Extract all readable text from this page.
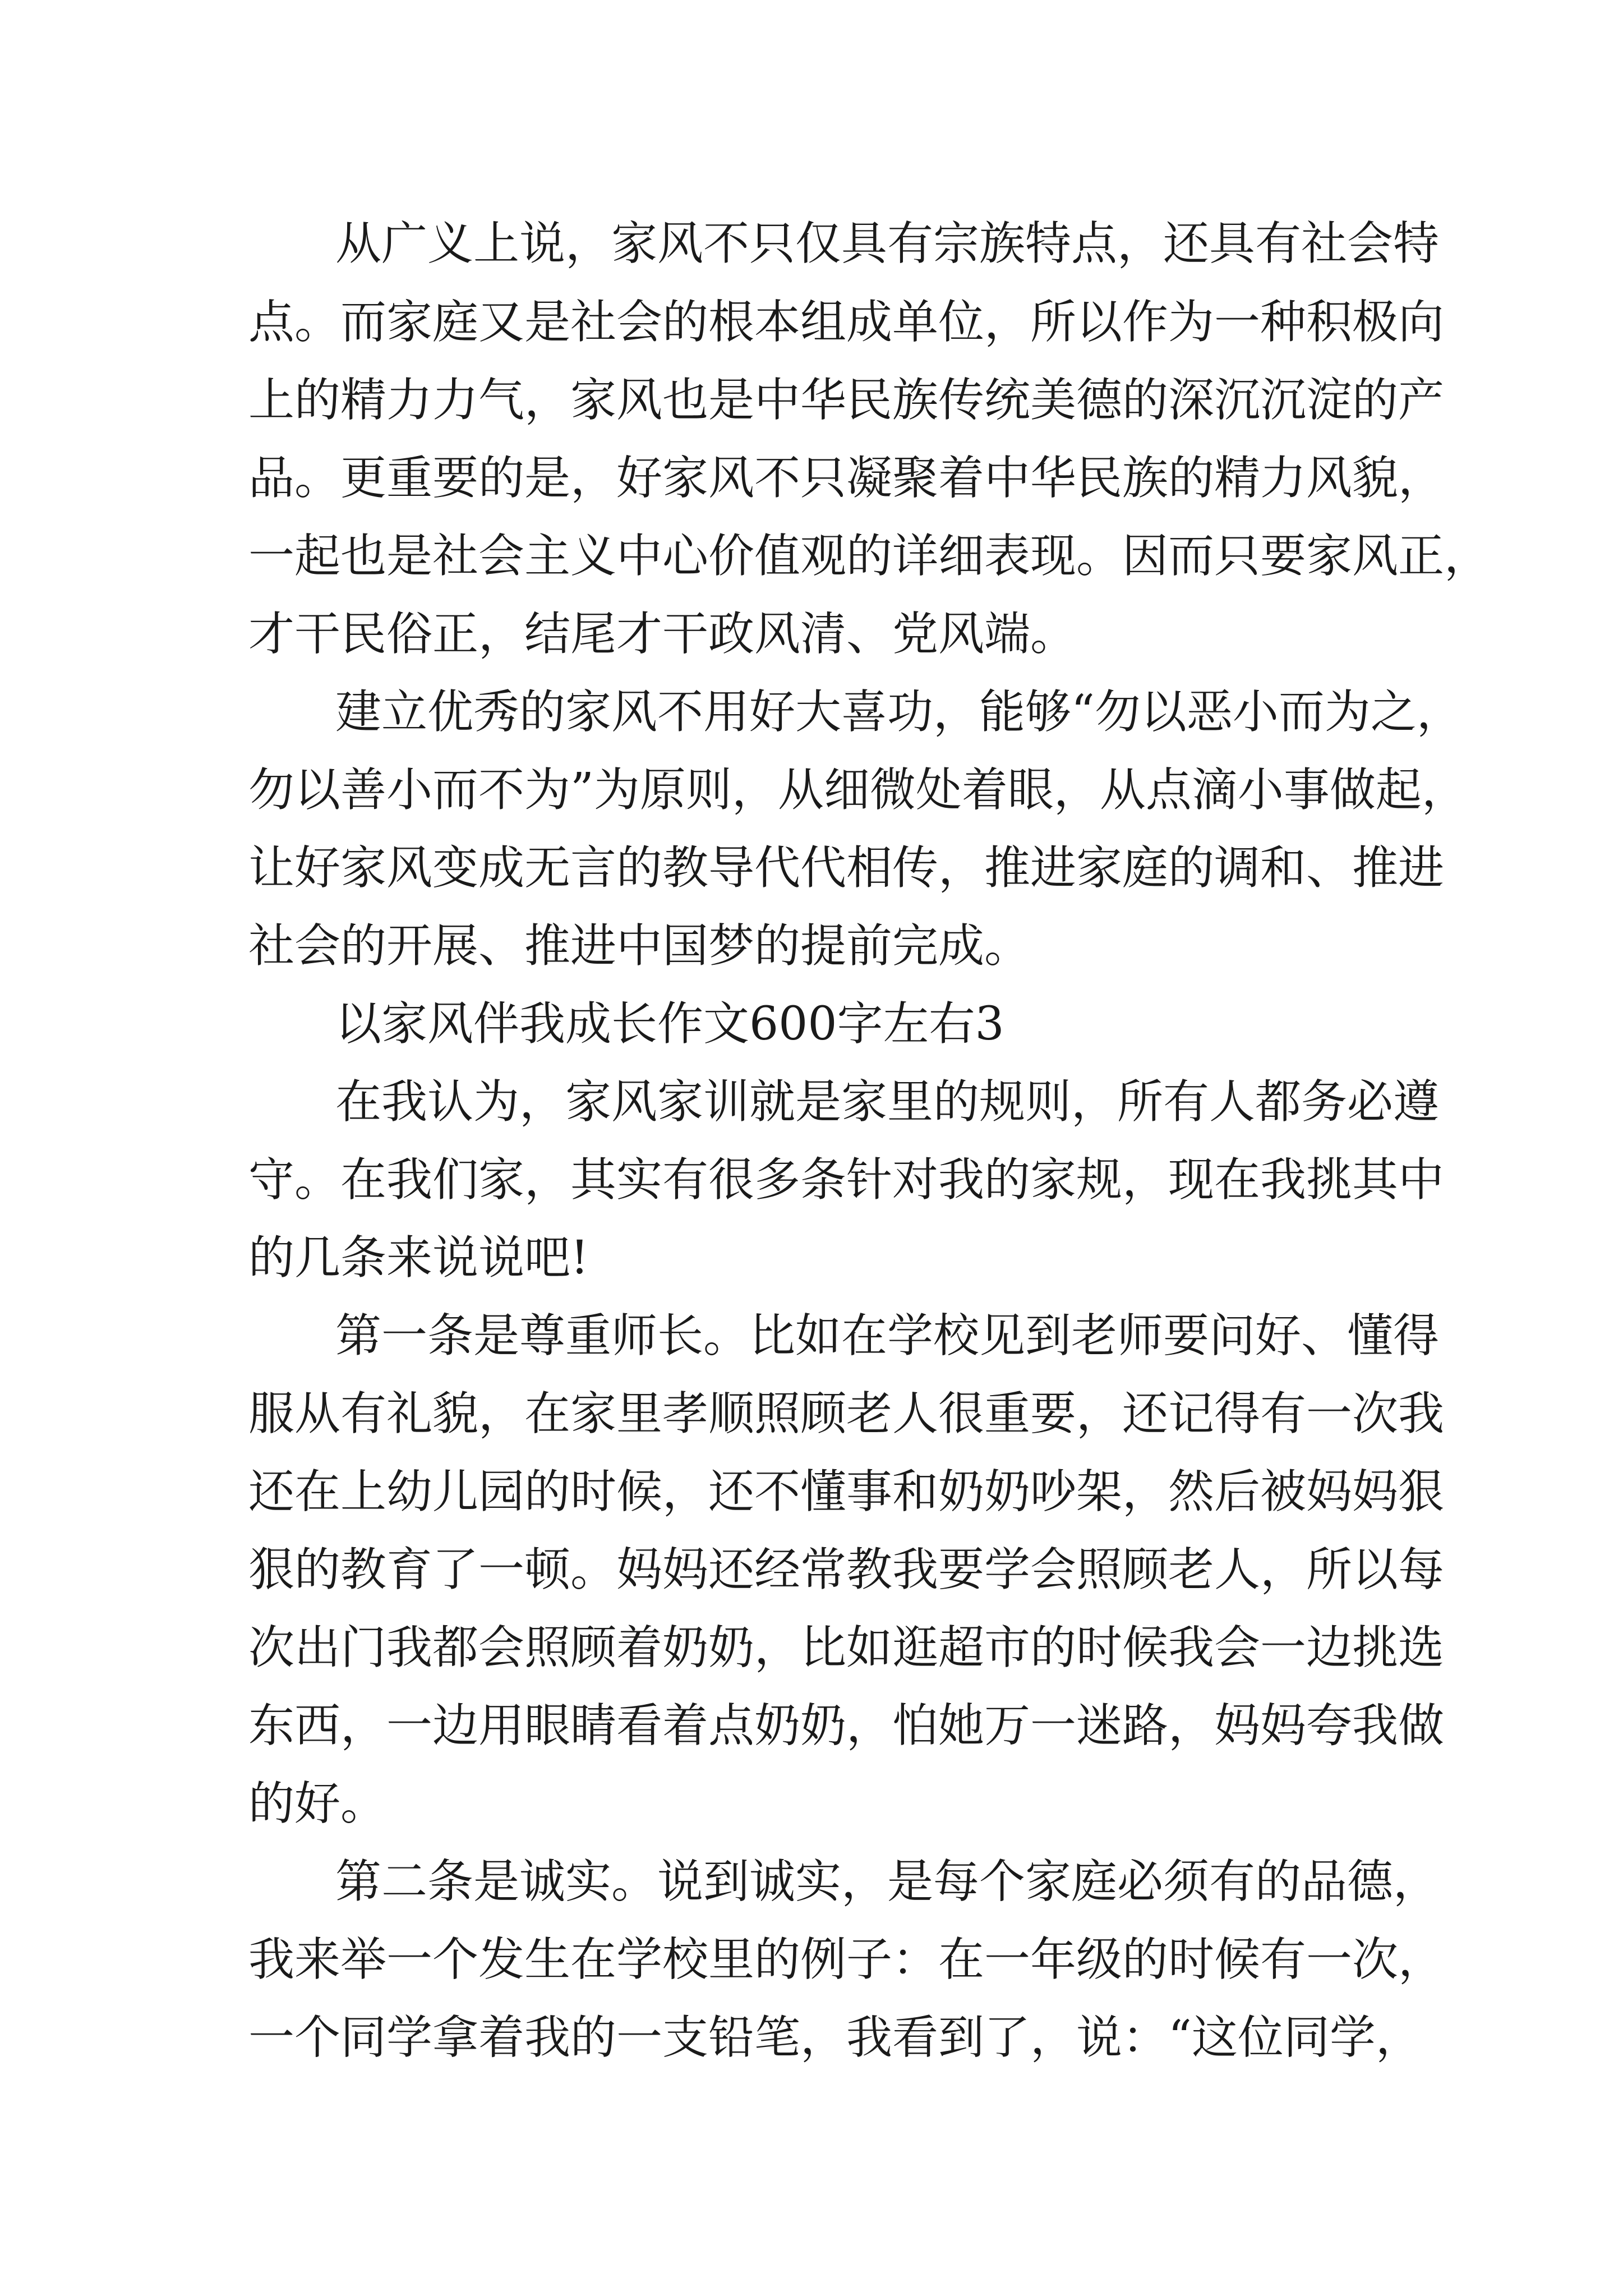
从广义上说，家风不只仅具有宗族特点，还具有社会特
点。而家庭又是社会的根本组成单位，所以作为一种积极向
上的精力力气，家风也是中华民族传统美德的深沉沉淀的产
品。更重要的是，好家风不只凝聚着中华民族的精力风貌，
一起也是社会主义中心价值观的详细表现。因而只要家风正，
才干民俗正，结尾才干政风清、党风端。
建立优秀的家风不用好大喜功，能够“勿以恶小而为之，
勿以善小而不为”为原则，从细微处着眼，从点滴小事做起，
让好家风变成无言的教导代代相传，推进家庭的调和、推进
社会的开展、推进中国梦的提前完成。
以家风伴我成长作文600字左右3
在我认为，家风家训就是家里的规则，所有人都务必遵
守。在我们家，其实有很多条针对我的家规，现在我挑其中
的几条来说说吧!
第一条是尊重师长。比如在学校见到老师要问好、懂得
服从有礼貌，在家里孝顺照顾老人很重要，还记得有一次我
还在上幼儿园的时候，还不懂事和奶奶吵架，然后被妈妈狠
狠的教育了一顿。妈妈还经常教我要学会照顾老人，所以每
次出门我都会照顾着奶奶，比如逛超市的时候我会一边挑选
东西，一边用眼睛看着点奶奶，怕她万一迷路，妈妈夸我做
的好。
第二条是诚实。说到诚实，是每个家庭必须有的品德，
我来举一个发生在学校里的例子：在一年级的时候有一次，
一个同学拿着我的一支铅笔，我看到了，说：“这位同学，
